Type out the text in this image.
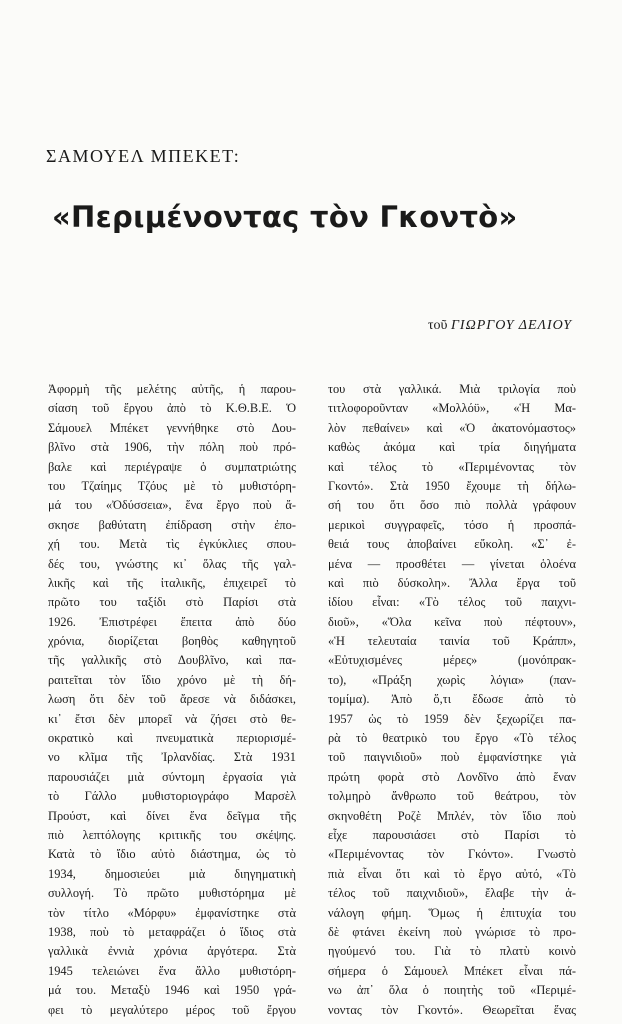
ΣΑΜΟΥΕΛ ΜΠΕΚΕΤ:
«Περιμένοντας τὸν Γκοντὸ»
τοῦ ΓΙΩΡΓΟΥ ΔΕΛΙΟΥ
Ἀφορμὴ τῆς μελέτης αὐτῆς, ἡ παρου-
σίαση τοῦ ἔργου ἀπὸ τὸ Κ.Θ.Β.Ε. Ὁ
Σάμουελ Μπέκετ γεννήθηκε στὸ Δου-
βλῖνο στὰ 1906, τὴν πόλη ποὺ πρό-
βαλε καὶ περιέγραψε ὁ συμπατριώτης
του Τζαίημς Τζόυς μὲ τὸ μυθιστόρη-
μά του «Ὀδύσσεια», ἕνα ἔργο ποὺ ἄ-
σκησε βαθύτατη ἐπίδραση στὴν ἐπο-
χή του. Μετὰ τὶς ἐγκύκλιες σπου-
δές του, γνώστης κι᾽ ὅλας τῆς γαλ-
λικῆς καὶ τῆς ἰταλικῆς, ἐπιχειρεῖ τὸ
πρῶτο του ταξίδι στὸ Παρίσι στὰ
1926. Ἐπιστρέφει ἔπειτα ἀπὸ δύο
χρόνια, διορίζεται βοηθὸς καθηγητοῦ
τῆς γαλλικῆς στὸ Δουβλῖνο, καὶ πα-
ραιτεῖται τὸν ἴδιο χρόνο μὲ τὴ δή-
λωση ὅτι δὲν τοῦ ἄρεσε νὰ διδάσκει,
κι᾽ ἔτσι δὲν μπορεῖ νὰ ζήσει στὸ θε-
οκρατικὸ καὶ πνευματικὰ περιορισμέ-
νο κλῖμα τῆς Ἰρλανδίας. Στὰ 1931
παρουσιάζει μιὰ σύντομη ἐργασία γιὰ
τὸ Γάλλο μυθιστοριογράφο Μαρσὲλ
Προύστ, καὶ δίνει ἕνα δεῖγμα τῆς
πιὸ λεπτόλογης κριτικῆς του σκέψης.
Κατὰ τὸ ἴδιο αὐτὸ διάστημα, ὡς τὸ
1934, δημοσιεύει μιὰ διηγηματικὴ
συλλογή. Τὸ πρῶτο μυθιστόρημα μὲ
τὸν τίτλο «Μόρφυ» ἐμφανίστηκε στὰ
1938, ποὺ τὸ μεταφράζει ὁ ἴδιος στὰ
γαλλικὰ ἐννιὰ χρόνια ἀργότερα. Στὰ
1945 τελειώνει ἕνα ἄλλο μυθιστόρη-
μά του. Μεταξὺ 1946 καὶ 1950 γρά-
φει τὸ μεγαλύτερο μέρος τοῦ ἔργου
του στὰ γαλλικά. Μιὰ τριλογία ποὺ
τιτλοφοροῦνταν «Μολλόϋ», «Ἡ Μα-
λὸν πεθαίνει» καὶ «Ὁ ἀκατονόμαστος»
καθὼς ἀκόμα καὶ τρία διηγήματα
καὶ τέλος τὸ «Περιμένοντας τὸν
Γκοντό». Στὰ 1950 ἔχουμε τὴ δήλω-
σή του ὅτι ὅσο πιὸ πολλὰ γράφουν
μερικοὶ συγγραφεῖς, τόσο ἡ προσπά-
θειά τους ἀποβαίνει εὔκολη. «Σ᾽ ἐ-
μένα — προσθέτει — γίνεται ὁλοένα
καὶ πιὸ δύσκολη». Ἄλλα ἔργα τοῦ
ἰδίου εἶναι: «Τὸ τέλος τοῦ παιχνι-
διοῦ», «Ὅλα κεῖνα ποὺ πέφτουν»,
«Ἡ τελευταία ταινία τοῦ Κράππ»,
«Εὐτυχισμένες μέρες» (μονόπρακ-
το), «Πράξη χωρὶς λόγια» (παν-
τομίμα). Ἀπὸ ὅ,τι ἔδωσε ἀπὸ τὸ
1957 ὡς τὸ 1959 δὲν ξεχωρίζει πα-
ρὰ τὸ θεατρικὸ του ἔργο «Τὸ τέλος
τοῦ παιγνιδιοῦ» ποὺ ἐμφανίστηκε γιὰ
πρώτη φορὰ στὸ Λονδῖνο ἀπὸ ἕναν
τολμηρὸ ἄνθρωπο τοῦ θεάτρου, τὸν
σκηνοθέτη Ροζὲ Μπλέν, τὸν ἴδιο ποὺ
εἶχε παρουσιάσει στὸ Παρίσι τὸ
«Περιμένοντας τὸν Γκόντο». Γνωστὸ
πιὰ εἶναι ὅτι καὶ τὸ ἔργο αὐτό, «Τὸ
τέλος τοῦ παιχνιδιοῦ», ἔλαβε τὴν ἀ-
νάλογη φήμη. Ὅμως ἡ ἐπιτυχία του
δὲ φτάνει ἐκείνη ποὺ γνώρισε τὸ προ-
ηγούμενό του. Γιὰ τὸ πλατὺ κοινὸ
σήμερα ὁ Σάμουελ Μπέκετ εἶναι πά-
νω ἀπ᾽ ὅλα ὁ ποιητὴς τοῦ «Περιμέ-
νοντας τὸν Γκοντό». Θεωρεῖται ἕνας
